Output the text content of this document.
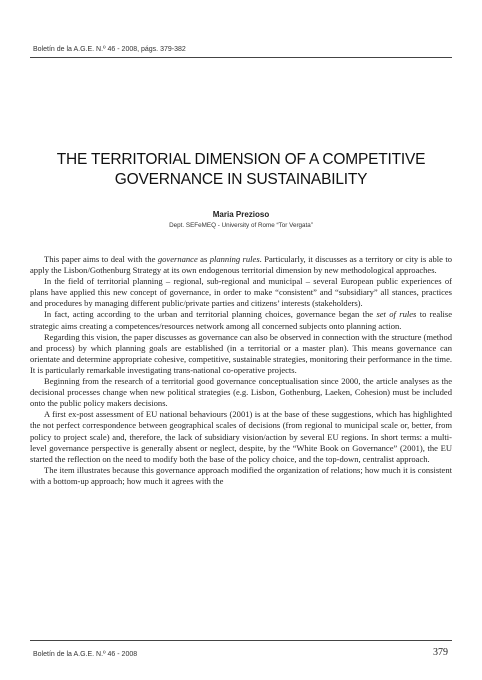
Boletín de la A.G.E. N.º 46 - 2008, págs. 379-382
THE TERRITORIAL DIMENSION OF A COMPETITIVE
GOVERNANCE IN SUSTAINABILITY
Maria Prezioso
Dept. SEFeMEQ - University of Rome “Tor Vergata”

This paper aims to deal with the governance as planning rules. Particularly, it discusses as a territory or city is able to apply the Lisbon/Gothenburg Strategy at its own endogenous territorial dimension by new methodological approaches.

In the field of territorial planning – regional, sub-regional and municipal – several European public experiences of plans have applied this new concept of governance, in order to make “consistent” and “subsidiary” all stances, practices and procedures by managing different public/private parties and citizens’ interests (stakeholders).

In fact, acting according to the urban and territorial planning choices, governance began the set of rules to realise strategic aims creating a competences/resources network among all concerned subjects onto planning action.

Regarding this vision, the paper discusses as governance can also be observed in connection with the structure (method and process) by which planning goals are established (in a territorial or a master plan). This means governance can orientate and determine appropriate cohesive, competitive, sustainable strategies, monitoring their performance in the time. It is particularly remarkable investigating trans-national co-operative projects.

Beginning from the research of a territorial good governance conceptualisation since 2000, the article analyses as the decisional processes change when new political strategies (e.g. Lisbon, Gothenburg, Laeken, Cohesion) must be included onto the public policy makers decisions.

A first ex-post assessment of EU national behaviours (2001) is at the base of these suggestions, which has highlighted the not perfect correspondence between geographical scales of decisions (from regional to municipal scale or, better, from policy to project scale) and, therefore, the lack of subsidiary vision/action by several EU regions. In short terms: a multi-level governance perspective is generally absent or neglect, despite, by the “White Book on Governance” (2001), the EU started the reflection on the need to modify both the base of the policy choice, and the top-down, centralist approach.

The item illustrates because this governance approach modified the organization of relations; how much it is consistent with a bottom-up approach; how much it agrees with the

Boletín de la A.G.E. N.º 46 - 2008	379
